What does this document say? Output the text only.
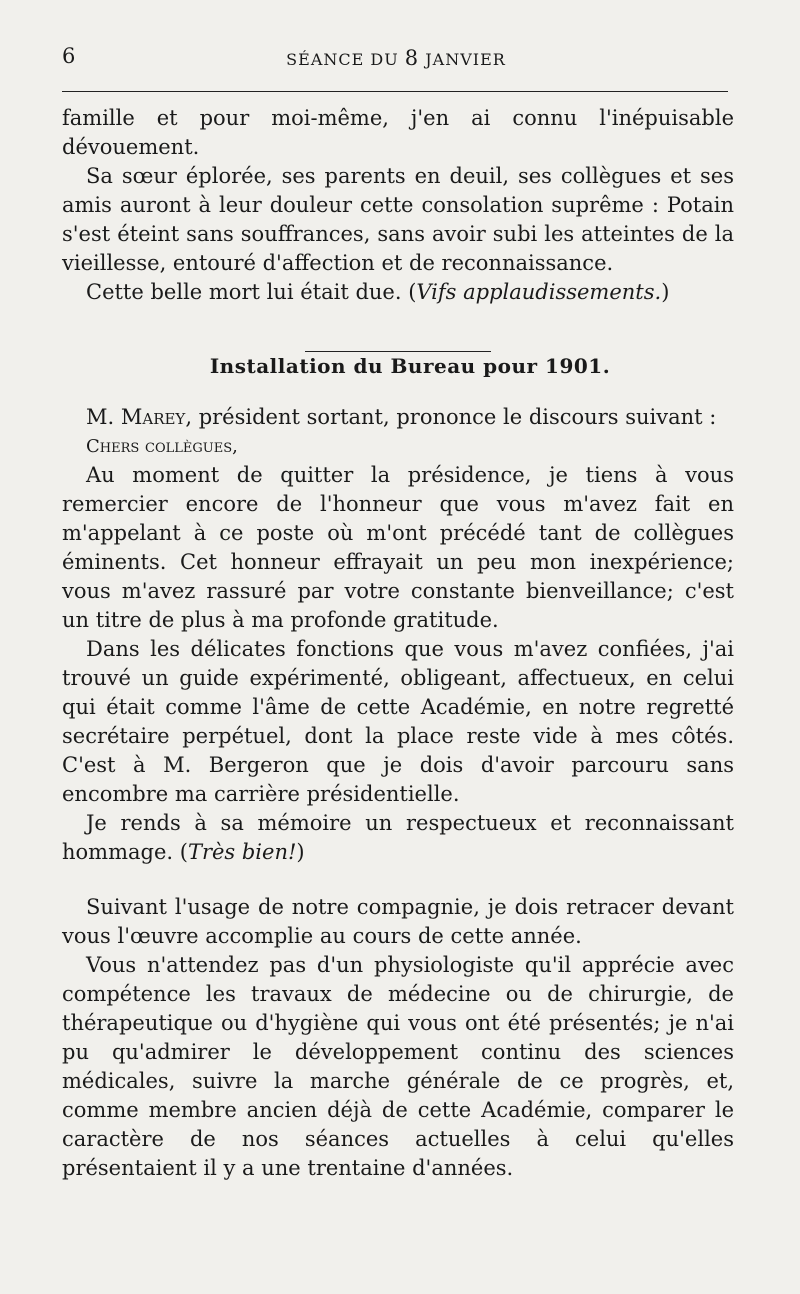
6	SÉANCE DU 8 JANVIER

famille et pour moi-même, j'en ai connu l'inépuisable dévouement.

Sa sœur éplorée, ses parents en deuil, ses collègues et ses amis auront à leur douleur cette consolation suprême : Potain s'est éteint sans souffrances, sans avoir subi les atteintes de la vieillesse, entouré d'affection et de reconnaissance.

Cette belle mort lui était due. (Vifs applaudissements.)

Installation du Bureau pour 1901.

M. Marey, président sortant, prononce le discours suivant :

Chers collègues,

Au moment de quitter la présidence, je tiens à vous remercier encore de l'honneur que vous m'avez fait en m'appelant à ce poste où m'ont précédé tant de collègues éminents. Cet honneur effrayait un peu mon inexpérience; vous m'avez rassuré par votre constante bienveillance; c'est un titre de plus à ma profonde gratitude.

Dans les délicates fonctions que vous m'avez confiées, j'ai trouvé un guide expérimenté, obligeant, affectueux, en celui qui était comme l'âme de cette Académie, en notre regretté secrétaire perpétuel, dont la place reste vide à mes côtés. C'est à M. Bergeron que je dois d'avoir parcouru sans encombre ma carrière présidentielle.

Je rends à sa mémoire un respectueux et reconnaissant hommage. (Très bien!)

Suivant l'usage de notre compagnie, je dois retracer devant vous l'œuvre accomplie au cours de cette année.

Vous n'attendez pas d'un physiologiste qu'il apprécie avec compétence les travaux de médecine ou de chirurgie, de thérapeutique ou d'hygiène qui vous ont été présentés; je n'ai pu qu'admirer le développement continu des sciences médicales, suivre la marche générale de ce progrès, et, comme membre ancien déjà de cette Académie, comparer le caractère de nos séances actuelles à celui qu'elles présentaient il y a une trentaine d'années.
